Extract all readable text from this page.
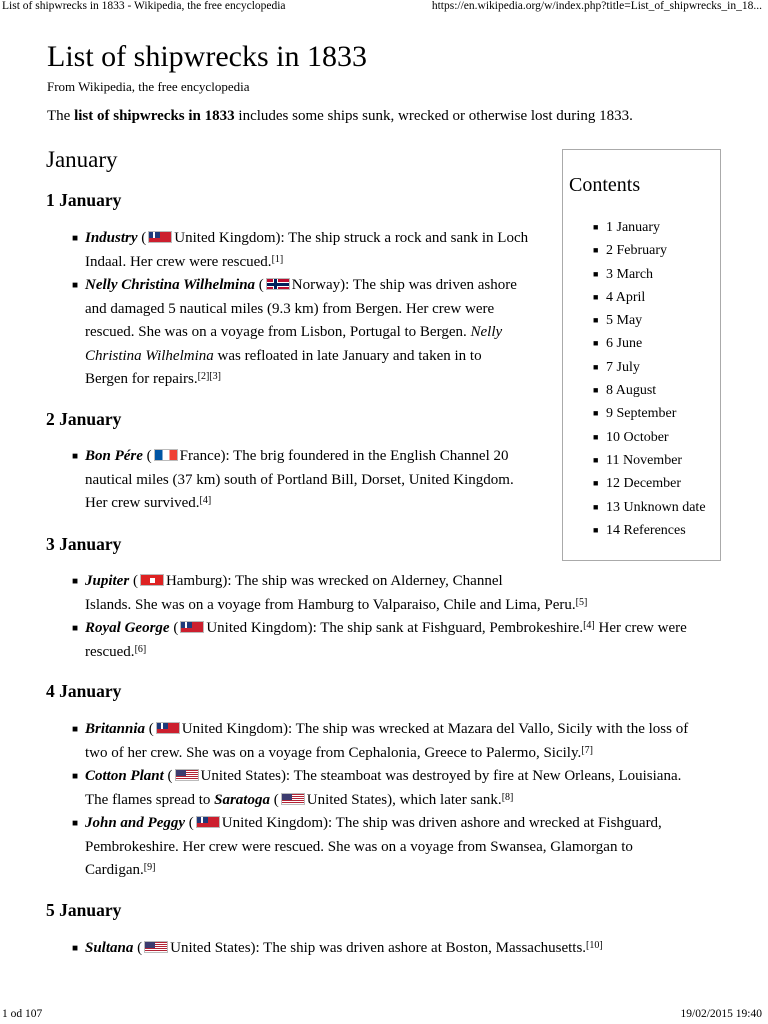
List of shipwrecks in 1833 - Wikipedia, the free encyclopedia	https://en.wikipedia.org/w/index.php?title=List_of_shipwrecks_in_18...
List of shipwrecks in 1833
From Wikipedia, the free encyclopedia
The list of shipwrecks in 1833 includes some ships sunk, wrecked or otherwise lost during 1833.
January
1 January
■ Industry ( United Kingdom): The ship struck a rock and sank in Loch
Indaal. Her crew were rescued.[1]
■ Nelly Christina Wilhelmina ( Norway): The ship was driven ashore
and damaged 5 nautical miles (9.3 km) from Bergen. Her crew were
rescued. She was on a voyage from Lisbon, Portugal to Bergen. Nelly
Christina Wilhelmina was refloated in late January and taken in to
Bergen for repairs.[2][3]
2 January
■ Bon Pére ( France): The brig foundered in the English Channel 20
nautical miles (37 km) south of Portland Bill, Dorset, United Kingdom.
Her crew survived.[4]
3 January
■ Jupiter ( Hamburg): The ship was wrecked on Alderney, Channel
Islands. She was on a voyage from Hamburg to Valparaiso, Chile and Lima, Peru.[5]
■ Royal George ( United Kingdom): The ship sank at Fishguard, Pembrokeshire.[4] Her crew were
rescued.[6]
4 January
■ Britannia ( United Kingdom): The ship was wrecked at Mazara del Vallo, Sicily with the loss of
two of her crew. She was on a voyage from Cephalonia, Greece to Palermo, Sicily.[7]
■ Cotton Plant ( United States): The steamboat was destroyed by fire at New Orleans, Louisiana.
The flames spread to Saratoga ( United States), which later sank.[8]
■ John and Peggy ( United Kingdom): The ship was driven ashore and wrecked at Fishguard,
Pembrokeshire. Her crew were rescued. She was on a voyage from Swansea, Glamorgan to
Cardigan.[9]
5 January
■ Sultana ( United States): The ship was driven ashore at Boston, Massachusetts.[10]
Contents
■ 1 January
■ 2 February
■ 3 March
■ 4 April
■ 5 May
■ 6 June
■ 7 July
■ 8 August
■ 9 September
■ 10 October
■ 11 November
■ 12 December
■ 13 Unknown date
■ 14 References
1 od 107	19/02/2015 19:40
